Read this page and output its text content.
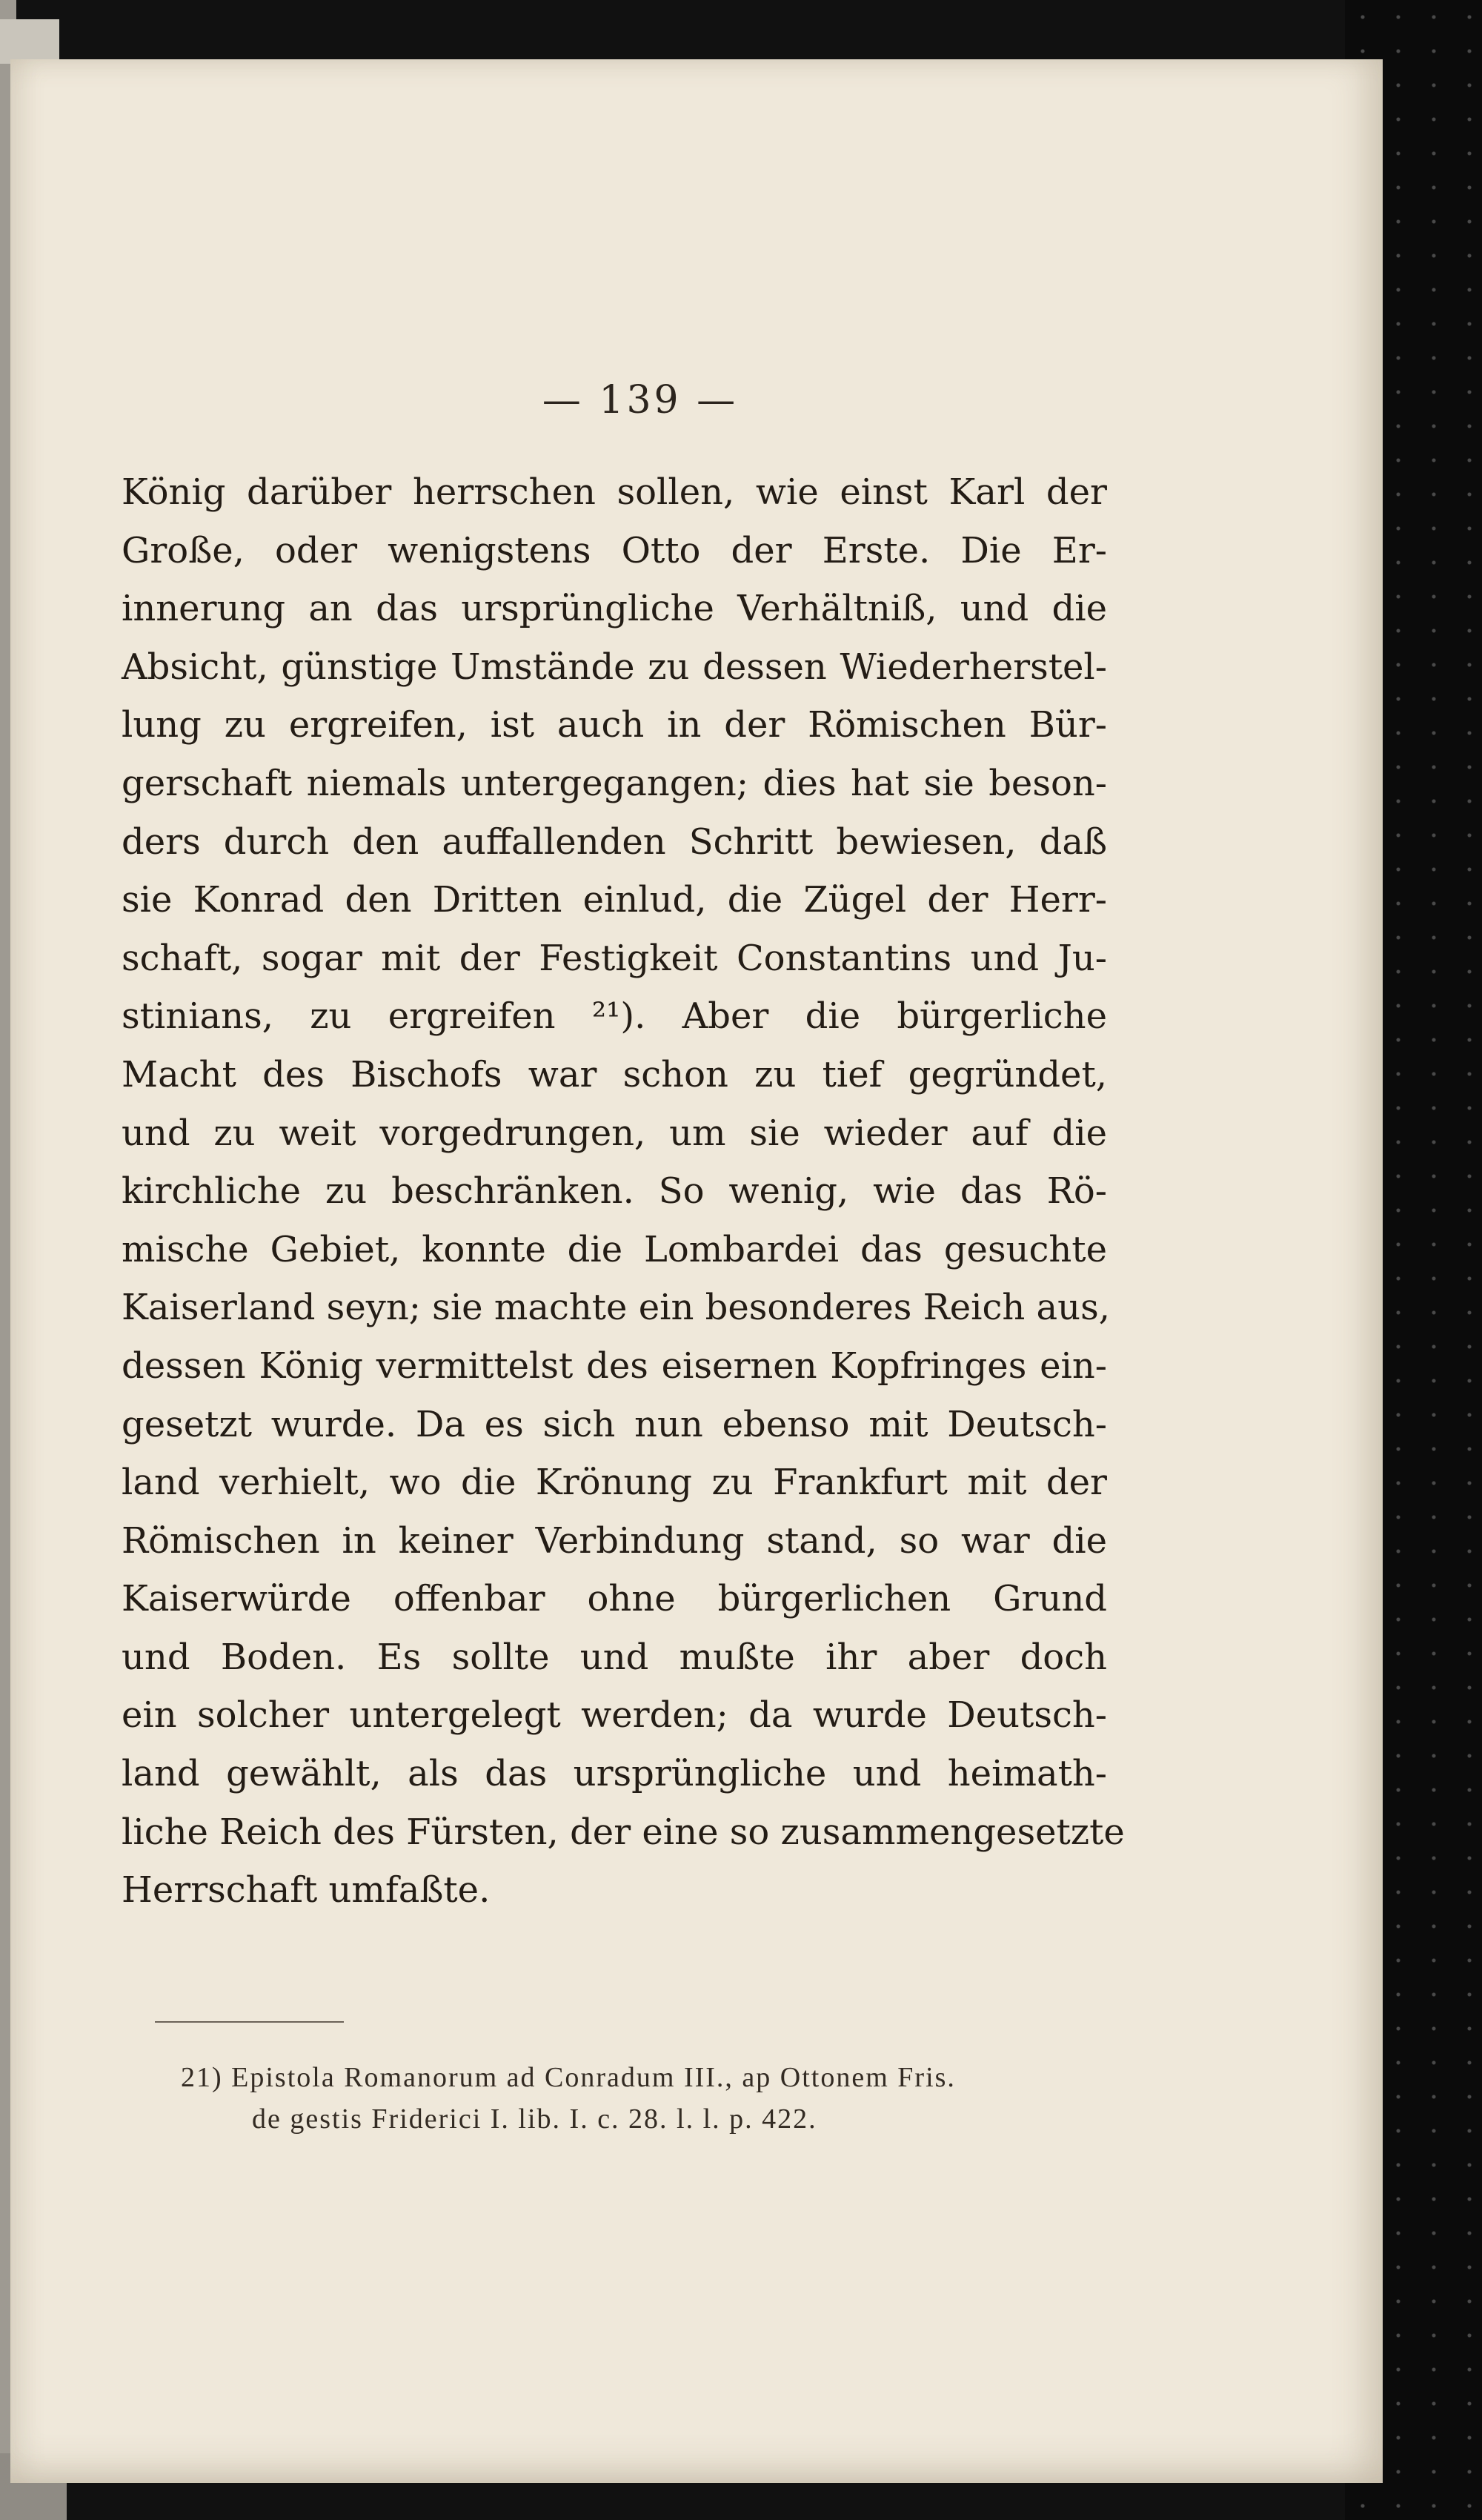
— 139 —
König darüber herrschen sollen, wie einst Karl der
Große, oder wenigstens Otto der Erste. Die Er-
innerung an das ursprüngliche Verhältniß, und die
Absicht, günstige Umstände zu dessen Wiederherstel-
lung zu ergreifen, ist auch in der Römischen Bür-
gerschaft niemals untergegangen; dies hat sie beson-
ders durch den auffallenden Schritt bewiesen, daß
sie Konrad den Dritten einlud, die Zügel der Herr-
schaft, sogar mit der Festigkeit Constantins und Ju-
stinians, zu ergreifen ²¹). Aber die bürgerliche
Macht des Bischofs war schon zu tief gegründet,
und zu weit vorgedrungen, um sie wieder auf die
kirchliche zu beschränken. So wenig, wie das Rö-
mische Gebiet, konnte die Lombardei das gesuchte
Kaiserland seyn; sie machte ein besonderes Reich aus,
dessen König vermittelst des eisernen Kopfringes ein-
gesetzt wurde. Da es sich nun ebenso mit Deutsch-
land verhielt, wo die Krönung zu Frankfurt mit der
Römischen in keiner Verbindung stand, so war die
Kaiserwürde offenbar ohne bürgerlichen Grund
und Boden. Es sollte und mußte ihr aber doch
ein solcher untergelegt werden; da wurde Deutsch-
land gewählt, als das ursprüngliche und heimath-
liche Reich des Fürsten, der eine so zusammengesetzte
Herrschaft umfaßte.
21) Epistola Romanorum ad Conradum III., ap Ottonem Fris.
de gestis Friderici I. lib. I. c. 28. l. l. p. 422.
